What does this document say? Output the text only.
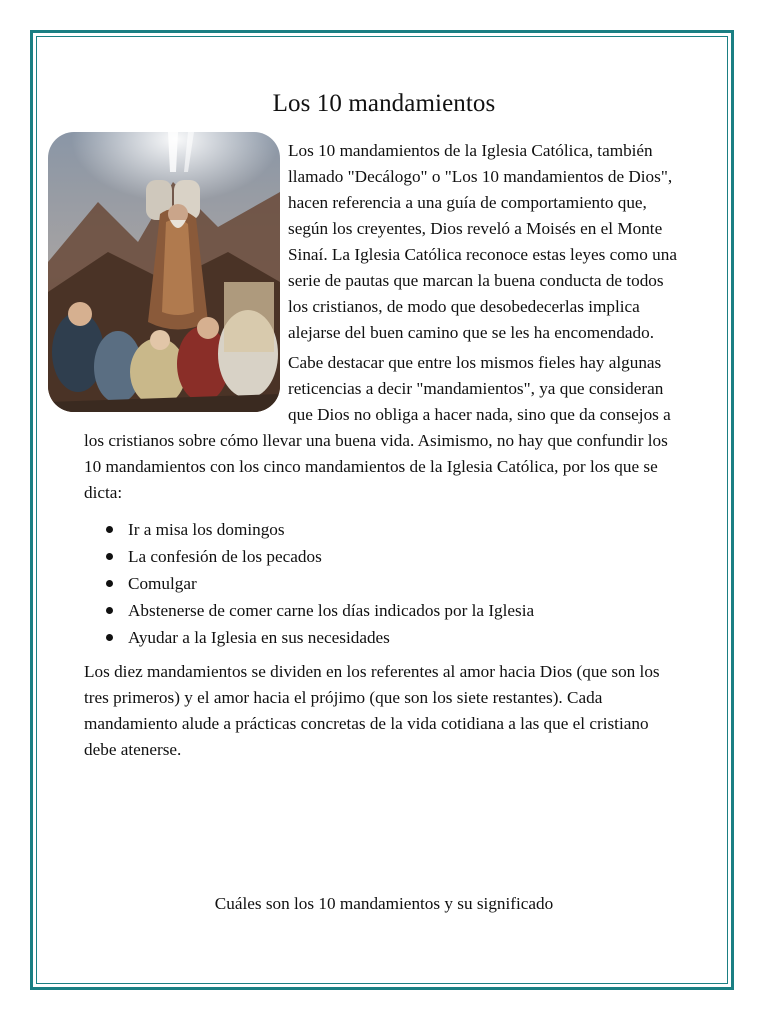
Los 10 mandamientos

Los 10 mandamientos de la Iglesia Católica, también llamado "Decálogo" o "Los 10 mandamientos de Dios", hacen referencia a una guía de comportamiento que, según los creyentes, Dios reveló a Moisés en el Monte Sinaí. La Iglesia Católica reconoce estas leyes como una serie de pautas que marcan la buena conducta de todos los cristianos, de modo que desobedecerlas implica alejarse del buen camino que se les ha encomendado.

Cabe destacar que entre los mismos fieles hay algunas reticencias a decir "mandamientos", ya que consideran que Dios no obliga a hacer nada, sino que da consejos a los cristianos sobre cómo llevar una buena vida. Asimismo, no hay que confundir los 10 mandamientos con los cinco mandamientos de la Iglesia Católica, por los que se dicta:

Ir a misa los domingos
La confesión de los pecados
Comulgar
Abstenerse de comer carne los días indicados por la Iglesia
Ayudar a la Iglesia en sus necesidades

Los diez mandamientos se dividen en los referentes al amor hacia Dios (que son los tres primeros) y el amor hacia el prójimo (que son los siete restantes). Cada mandamiento alude a prácticas concretas de la vida cotidiana a las que el cristiano debe atenerse.

Cuáles son los 10 mandamientos y su significado
